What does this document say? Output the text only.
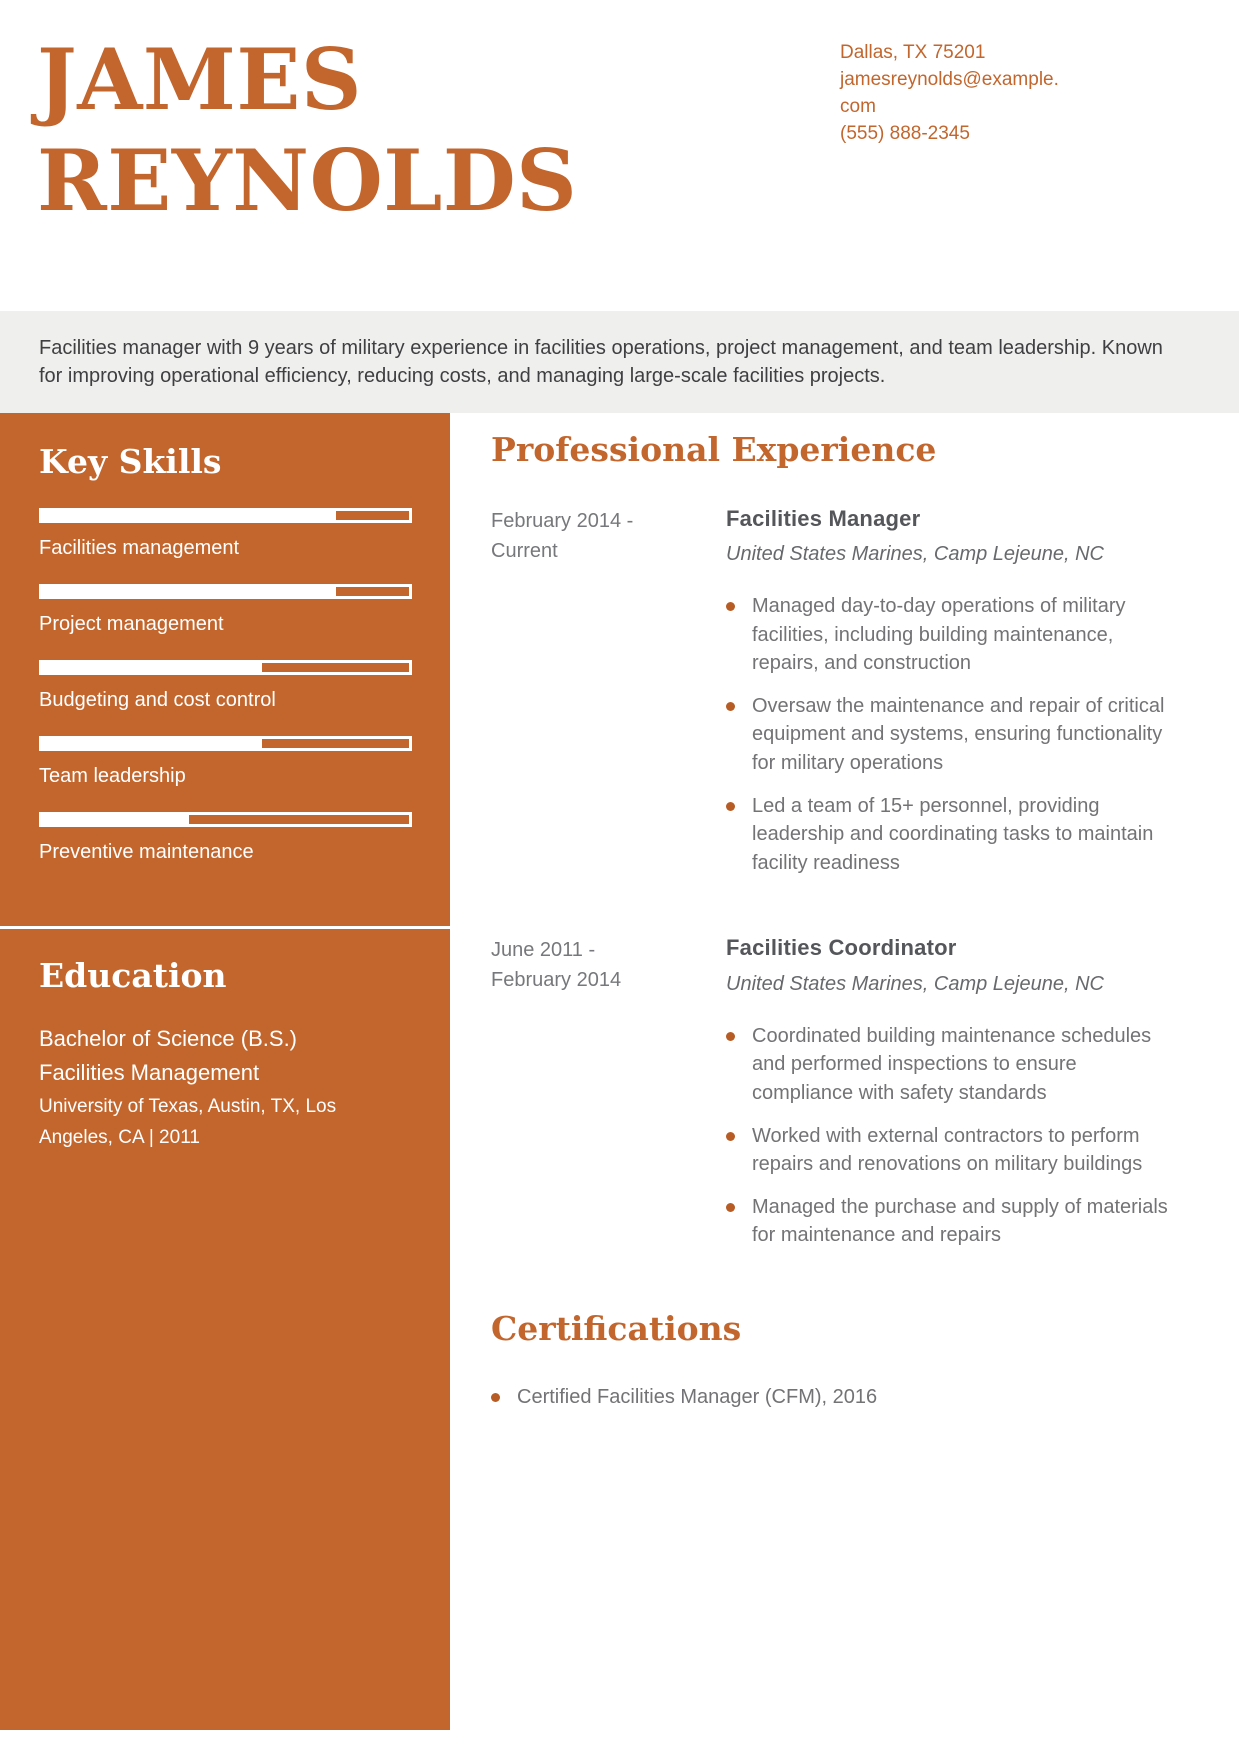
JAMES REYNOLDS
Dallas, TX 75201
jamesreynolds@example.com
(555) 888-2345

Facilities manager with 9 years of military experience in facilities operations, project management, and team leadership. Known for improving operational efficiency, reducing costs, and managing large-scale facilities projects.

Key Skills
Facilities management
Project management
Budgeting and cost control
Team leadership
Preventive maintenance
Education
Bachelor of Science (B.S.)
Facilities Management
University of Texas, Austin, TX, Los Angeles, CA | 2011
Professional Experience
February 2014 - Current
Facilities Manager
United States Marines, Camp Lejeune, NC
Managed day-to-day operations of military facilities, including building maintenance, repairs, and construction
Oversaw the maintenance and repair of critical equipment and systems, ensuring functionality for military operations
Led a team of 15+ personnel, providing leadership and coordinating tasks to maintain facility readiness
June 2011 - February 2014
Facilities Coordinator
United States Marines, Camp Lejeune, NC
Coordinated building maintenance schedules and performed inspections to ensure compliance with safety standards
Worked with external contractors to perform repairs and renovations on military buildings
Managed the purchase and supply of materials for maintenance and repairs
Certifications
Certified Facilities Manager (CFM), 2016
